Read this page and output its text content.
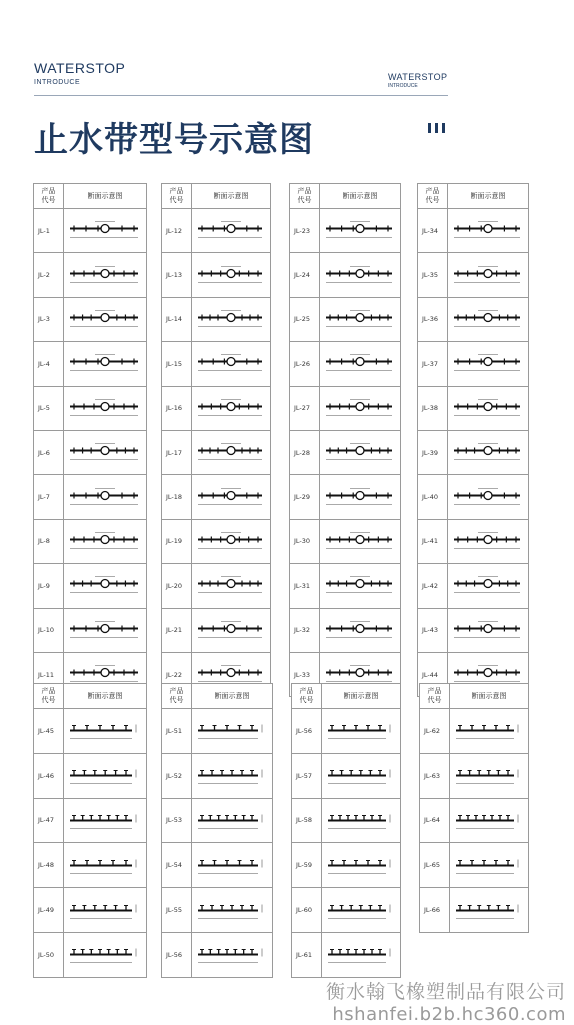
WATERSTOP
INTRODUCE
WATERSTOP
INTRODUCE
止水带型号示意图
产品
代号	断面示意图
JL-1	

JL-2	

JL-3	

JL-4	

JL-5	

JL-6	

JL-7	

JL-8	

JL-9	

JL-10	

JL-11	
产品
代号	断面示意图
JL-12	

JL-13	

JL-14	

JL-15	

JL-16	

JL-17	

JL-18	

JL-19	

JL-20	

JL-21	

JL-22	
产品
代号	断面示意图
JL-23	

JL-24	

JL-25	

JL-26	

JL-27	

JL-28	

JL-29	

JL-30	

JL-31	

JL-32	

JL-33	
产品
代号	断面示意图
JL-34	

JL-35	

JL-36	

JL-37	

JL-38	

JL-39	

JL-40	

JL-41	

JL-42	

JL-43	

JL-44	
产品
代号	断面示意图
JL-45	

JL-46	

JL-47	

JL-48	

JL-49	

JL-50	
产品
代号	断面示意图
JL-51	

JL-52	

JL-53	

JL-54	

JL-55	

JL-56	
产品
代号	断面示意图
JL-56	

JL-57	

JL-58	

JL-59	

JL-60	

JL-61	
产品
代号	断面示意图
JL-62	

JL-63	

JL-64	

JL-65	

JL-66	
衡水翰飞橡塑制品有限公司
hshanfei.b2b.hc360.com
